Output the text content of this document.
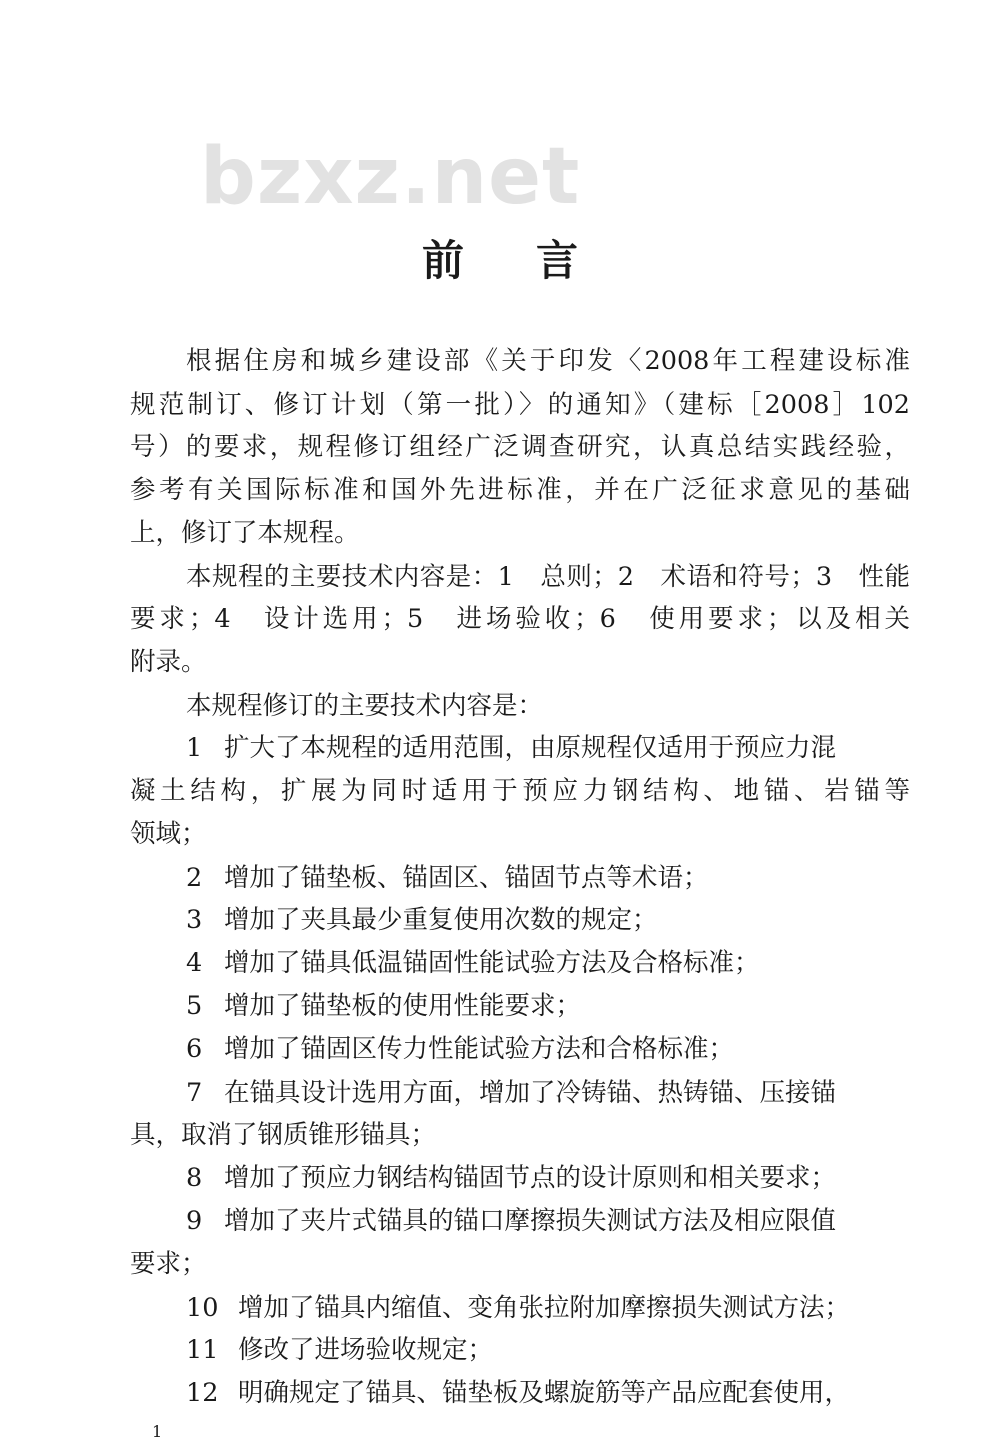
bzxz.net
前言
根据住房和城乡建设部《关于印发〈2008年工程建设标准
规范制订、修订计划（第一批）〉的通知》（建标［2008］102
号）的要求，规程修订组经广泛调查研究，认真总结实践经验，
参考有关国际标准和国外先进标准，并在广泛征求意见的基础
上，修订了本规程。
本规程的主要技术内容是：1　总则；2　术语和符号；3　性能
要求；4　设计选用；5　进场验收；6　使用要求；以及相关
附录。
本规程修订的主要技术内容是：
1 扩大了本规程的适用范围，由原规程仅适用于预应力混
凝土结构，扩展为同时适用于预应力钢结构、地锚、岩锚等
领域；
2 增加了锚垫板、锚固区、锚固节点等术语；
3 增加了夹具最少重复使用次数的规定；
4 增加了锚具低温锚固性能试验方法及合格标准；
5 增加了锚垫板的使用性能要求；
6 增加了锚固区传力性能试验方法和合格标准；
7 在锚具设计选用方面，增加了冷铸锚、热铸锚、压接锚
具，取消了钢质锥形锚具；
8 增加了预应力钢结构锚固节点的设计原则和相关要求；
9 增加了夹片式锚具的锚口摩擦损失测试方法及相应限值
要求；
10 增加了锚具内缩值、变角张拉附加摩擦损失测试方法；
11 修改了进场验收规定；
12 明确规定了锚具、锚垫板及螺旋筋等产品应配套使用，
1
